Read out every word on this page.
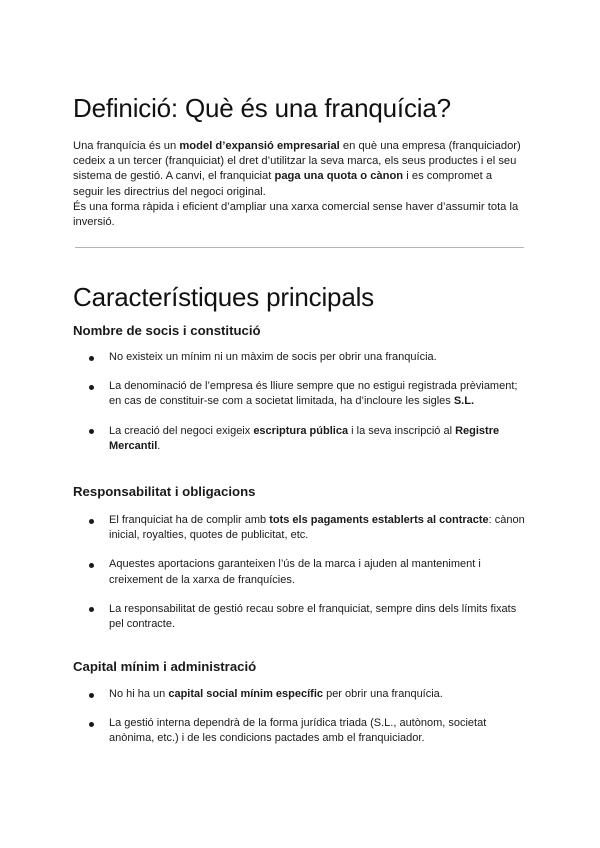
Definició: Què és una franquícia?

Una franquícia és un model d’expansió empresarial en què una empresa (franquiciador) cedeix a un tercer (franquiciat) el dret d’utilitzar la seva marca, els seus productes i el seu sistema de gestió. A canvi, el franquiciat paga una quota o cànon i es compromet a seguir les directrius del negoci original.

És una forma ràpida i eficient d’ampliar una xarxa comercial sense haver d’assumir tota la inversió.

Característiques principals
Nombre de socis i constitució
No existeix un mínim ni un màxim de socis per obrir una franquícia.
La denominació de l’empresa és lliure sempre que no estigui registrada prèviament; en cas de constituir-se com a societat limitada, ha d’incloure les sigles S.L.
La creació del negoci exigeix escriptura pública i la seva inscripció al Registre Mercantil.
Responsabilitat i obligacions
El franquiciat ha de complir amb tots els pagaments establerts al contracte: cànon inicial, royalties, quotes de publicitat, etc.
Aquestes aportacions garanteixen l’ús de la marca i ajuden al manteniment i creixement de la xarxa de franquícies.
La responsabilitat de gestió recau sobre el franquiciat, sempre dins dels límits fixats pel contracte.
Capital mínim i administració
No hi ha un capital social mínim específic per obrir una franquícia.
La gestió interna dependrà de la forma jurídica triada (S.L., autònom, societat anònima, etc.) i de les condicions pactades amb el franquiciador.
